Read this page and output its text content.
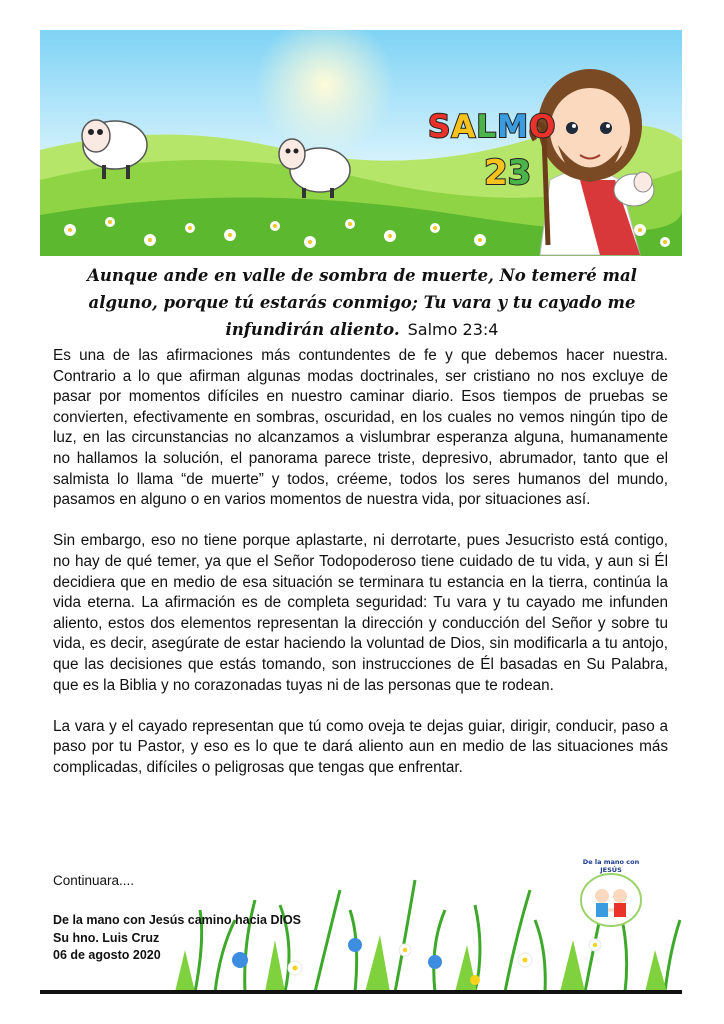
SALMO
23
Aunque ande en valle de sombra de muerte, No temeré mal alguno, porque tú estarás conmigo; Tu vara y tu cayado me infundirán aliento. Salmo 23:4

Es una de las afirmaciones más contundentes de fe y que debemos hacer nuestra. Contrario a lo que afirman algunas modas doctrinales, ser cristiano no nos excluye de pasar por momentos difíciles en nuestro caminar diario. Esos tiempos de pruebas se convierten, efectivamente en sombras, oscuridad, en los cuales no vemos ningún tipo de luz, en las circunstancias no alcanzamos a vislumbrar esperanza alguna, humanamente no hallamos la solución, el panorama parece triste, depresivo, abrumador, tanto que el salmista lo llama “de muerte” y todos, créeme, todos los seres humanos del mundo, pasamos en alguno o en varios momentos de nuestra vida, por situaciones así.

Sin embargo, eso no tiene porque aplastarte, ni derrotarte, pues Jesucristo está contigo, no hay de qué temer, ya que el Señor Todopoderoso tiene cuidado de tu vida, y aun si Él decidiera que en medio de esa situación se terminara tu estancia en la tierra, continúa la vida eterna. La afirmación es de completa seguridad: Tu vara y tu cayado me infunden aliento, estos dos elementos representan la dirección y conducción del Señor y sobre tu vida, es decir, asegúrate de estar haciendo la voluntad de Dios, sin modificarla a tu antojo, que las decisiones que estás tomando, son instrucciones de Él basadas en Su Palabra, que es la Biblia y no corazonadas tuyas ni de las personas que te rodean.

La vara y el cayado representan que tú como oveja te dejas guiar, dirigir, conducir, paso a paso por tu Pastor, y eso es lo que te dará aliento aun en medio de las situaciones más complicadas, difíciles o peligrosas que tengas que enfrentar.

De la mano con JESÚS
Continuara....
De la mano con Jesús camino hacia DIOS
Su hno. Luis Cruz
06 de agosto 2020
